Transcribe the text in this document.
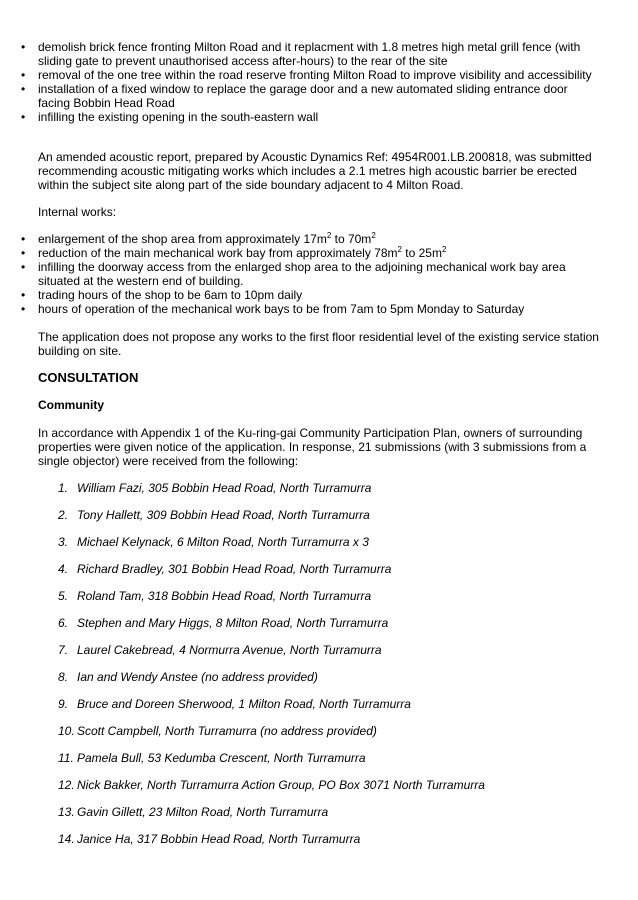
• demolish brick fence fronting Milton Road and it replacment with 1.8 metres high metal grill fence (with sliding gate to prevent unauthorised access after-hours) to the rear of the site
• removal of the one tree within the road reserve fronting Milton Road to improve visibility and accessibility
• installation of a fixed window to replace the garage door and a new automated sliding entrance door facing Bobbin Head Road
• infilling the existing opening in the south-eastern wall

An amended acoustic report, prepared by Acoustic Dynamics Ref: 4954R001.LB.200818, was submitted recommending acoustic mitigating works which includes a 2.1 metres high acoustic barrier be erected within the subject site along part of the side boundary adjacent to 4 Milton Road.

Internal works:

• enlargement of the shop area from approximately $17m^2$ to $70m^2$
• reduction of the main mechanical work bay from approximately $78m^2$ to $25m^2$
• infilling the doorway access from the enlarged shop area to the adjoining mechanical work bay area situated at the western end of building.
• trading hours of the shop to be 6am to 10pm daily
• hours of operation of the mechanical work bays to be from 7am to 5pm Monday to Saturday

The application does not propose any works to the first floor residential level of the existing service station building on site.

CONSULTATION

Community

In accordance with Appendix 1 of the Ku-ring-gai Community Participation Plan, owners of surrounding properties were given notice of the application. In response, 21 submissions (with 3 submissions from a single objector) were received from the following:

1. William Fazi, 305 Bobbin Head Road, North Turramurra
2. Tony Hallett, 309 Bobbin Head Road, North Turramurra
3. Michael Kelynack, 6 Milton Road, North Turramurra x 3
4. Richard Bradley, 301 Bobbin Head Road, North Turramurra
5. Roland Tam, 318 Bobbin Head Road, North Turramurra
6. Stephen and Mary Higgs, 8 Milton Road, North Turramurra
7. Laurel Cakebread, 4 Normurra Avenue, North Turramurra
8. Ian and Wendy Anstee (no address provided)
9. Bruce and Doreen Sherwood, 1 Milton Road, North Turramurra
10. Scott Campbell, North Turramurra (no address provided)
11. Pamela Bull, 53 Kedumba Crescent, North Turramurra
12. Nick Bakker, North Turramurra Action Group, PO Box 3071 North Turramurra
13. Gavin Gillett, 23 Milton Road, North Turramurra
14. Janice Ha, 317 Bobbin Head Road, North Turramurra
